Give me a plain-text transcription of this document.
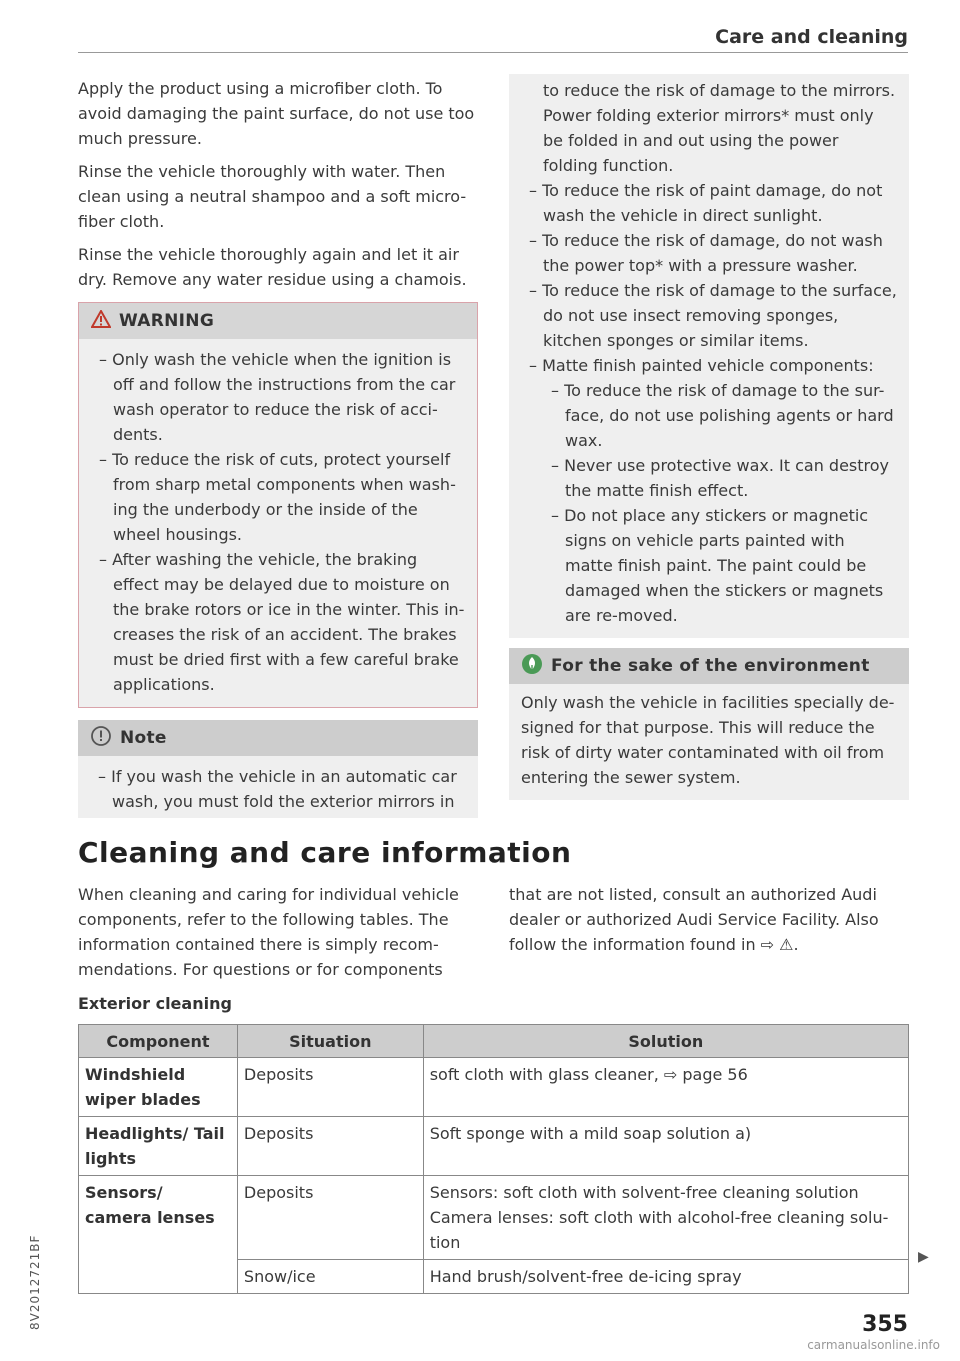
Care and cleaning

Apply the product using a microfiber cloth. To avoid damaging the paint surface, do not use too much pressure.

Rinse the vehicle thoroughly with water. Then clean using a neutral shampoo and a soft micro-fiber cloth.

Rinse the vehicle thoroughly again and let it air dry. Remove any water residue using a chamois.

WARNING
– Only wash the vehicle when the ignition is off and follow the instructions from the car wash operator to reduce the risk of acci-dents.
– To reduce the risk of cuts, protect yourself from sharp metal components when wash-ing the underbody or the inside of the wheel housings.
– After washing the vehicle, the braking effect may be delayed due to moisture on the brake rotors or ice in the winter. This in-creases the risk of an accident. The brakes must be dried first with a few careful brake applications.
Note
– If you wash the vehicle in an automatic car wash, you must fold the exterior mirrors in
to reduce the risk of damage to the mirrors. Power folding exterior mirrors* must only be folded in and out using the power folding function.
– To reduce the risk of paint damage, do not wash the vehicle in direct sunlight.
– To reduce the risk of damage, do not wash the power top* with a pressure washer.
– To reduce the risk of damage to the surface, do not use insect removing sponges, kitchen sponges or similar items.
– Matte finish painted vehicle components:
– To reduce the risk of damage to the sur-face, do not use polishing agents or hard wax.
– Never use protective wax. It can destroy the matte finish effect.
– Do not place any stickers or magnetic signs on vehicle parts painted with matte finish paint. The paint could be damaged when the stickers or magnets are re-moved.
For the sake of the environment

Only wash the vehicle in facilities specially de-signed for that purpose. This will reduce the risk of dirty water contaminated with oil from entering the sewer system.

Cleaning and care information

When cleaning and caring for individual vehicle components, refer to the following tables. The information contained there is simply recom-mendations. For questions or for components

that are not listed, consult an authorized Audi dealer or authorized Audi Service Facility. Also follow the information found in ⇨ ⚠.

Exterior cleaning
Component	Situation	Solution
Windshield wiper blades	Deposits	soft cloth with glass cleaner, ⇨ page 56
Headlights/ Tail lights	Deposits	Soft sponge with a mild soap solution a)
Sensors/ camera lenses	Deposits	Sensors: soft cloth with solvent-free cleaning solution Camera lenses: soft cloth with alcohol-free cleaning solu-tion
	Snow/ice	Hand brush/solvent-free de-icing spray
▶
8V2012721BF	355
carmanualsonline.info
